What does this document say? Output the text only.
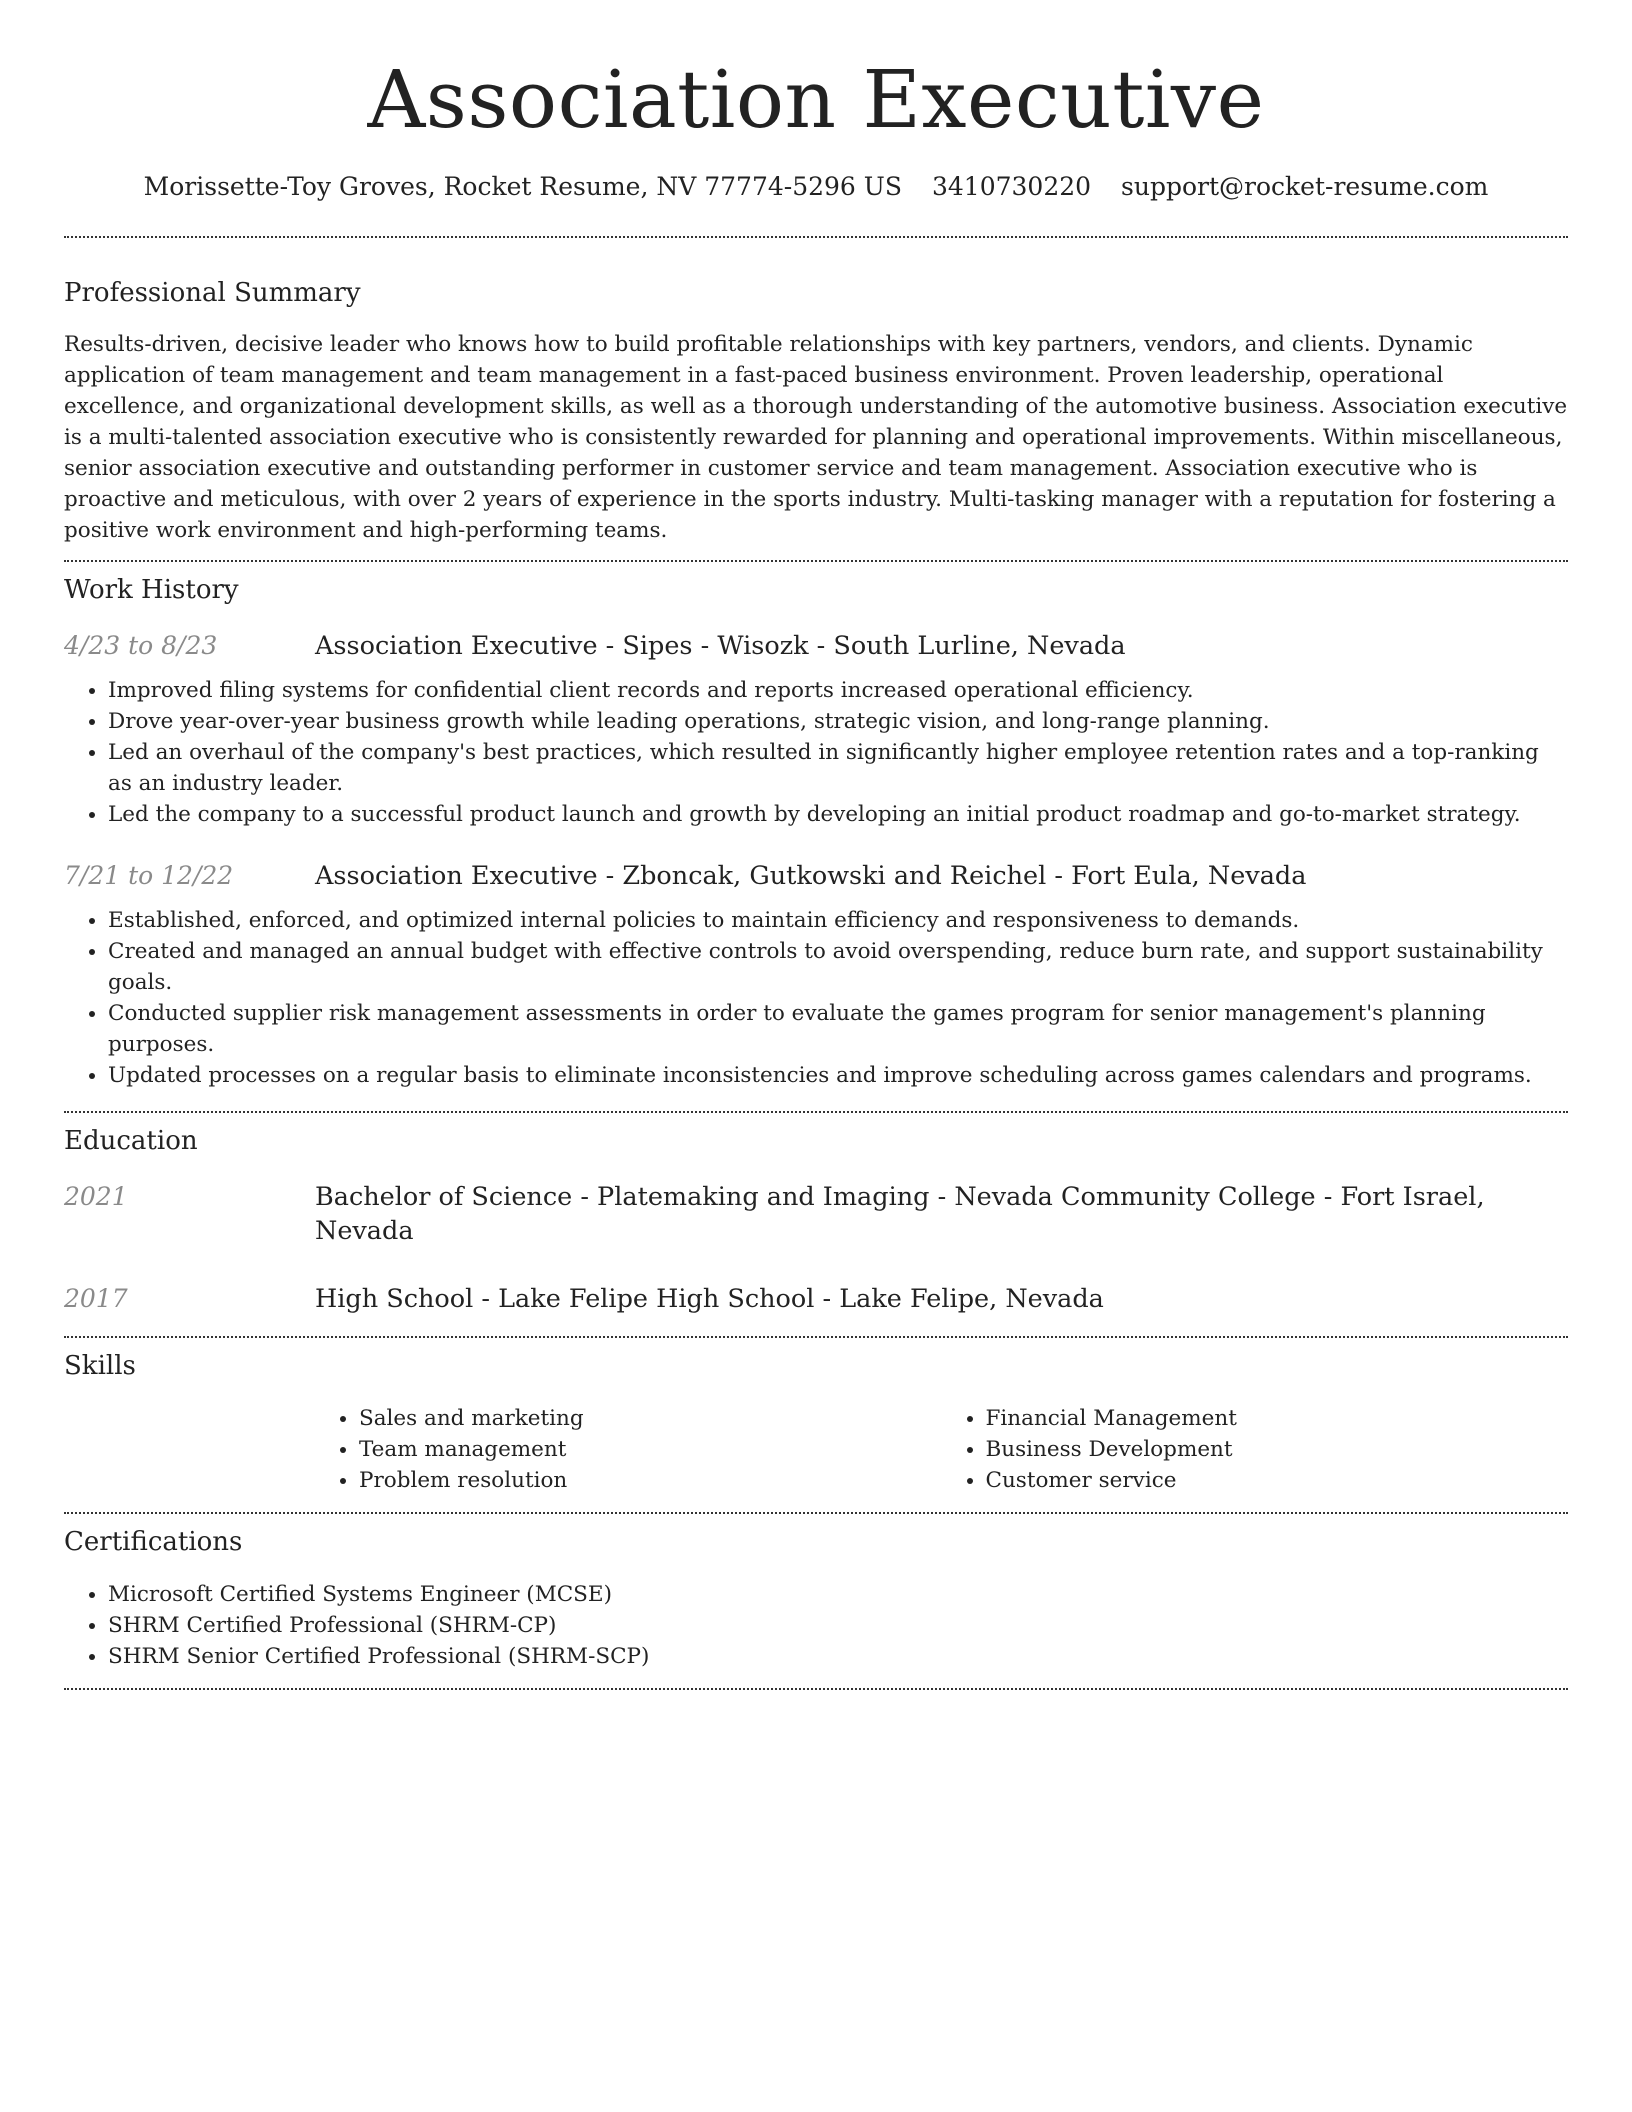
Association Executive
Morissette-Toy Groves, Rocket Resume, NV 77774-5296 US 3410730220 support@rocket-resume.com
Professional Summary

Results-driven, decisive leader who knows how to build profitable relationships with key partners, vendors, and clients. Dynamic application of team management and team management in a fast-paced business environment. Proven leadership, operational excellence, and organizational development skills, as well as a thorough understanding of the automotive business. Association executive is a multi-talented association executive who is consistently rewarded for planning and operational improvements. Within miscellaneous, senior association executive and outstanding performer in customer service and team management. Association executive who is proactive and meticulous, with over 2 years of experience in the sports industry. Multi-tasking manager with a reputation for fostering a positive work environment and high-performing teams.

Work History
4/23 to 8/23	Association Executive - Sipes - Wisozk - South Lurline, Nevada
• Improved filing systems for confidential client records and reports increased operational efficiency.
• Drove year-over-year business growth while leading operations, strategic vision, and long-range planning.
• Led an overhaul of the company's best practices, which resulted in significantly higher employee retention rates and a top-ranking as an industry leader.
• Led the company to a successful product launch and growth by developing an initial product roadmap and go-to-market strategy.
7/21 to 12/22	Association Executive - Zboncak, Gutkowski and Reichel - Fort Eula, Nevada
• Established, enforced, and optimized internal policies to maintain efficiency and responsiveness to demands.
• Created and managed an annual budget with effective controls to avoid overspending, reduce burn rate, and support sustainability goals.
• Conducted supplier risk management assessments in order to evaluate the games program for senior management's planning purposes.
• Updated processes on a regular basis to eliminate inconsistencies and improve scheduling across games calendars and programs.
Education
2021	Bachelor of Science - Platemaking and Imaging - Nevada Community College - Fort Israel, Nevada
2017	High School - Lake Felipe High School - Lake Felipe, Nevada
Skills
• Sales and marketing
• Team management
• Problem resolution
• Financial Management
• Business Development
• Customer service
Certifications
• Microsoft Certified Systems Engineer (MCSE)
• SHRM Certified Professional (SHRM-CP)
• SHRM Senior Certified Professional (SHRM-SCP)
